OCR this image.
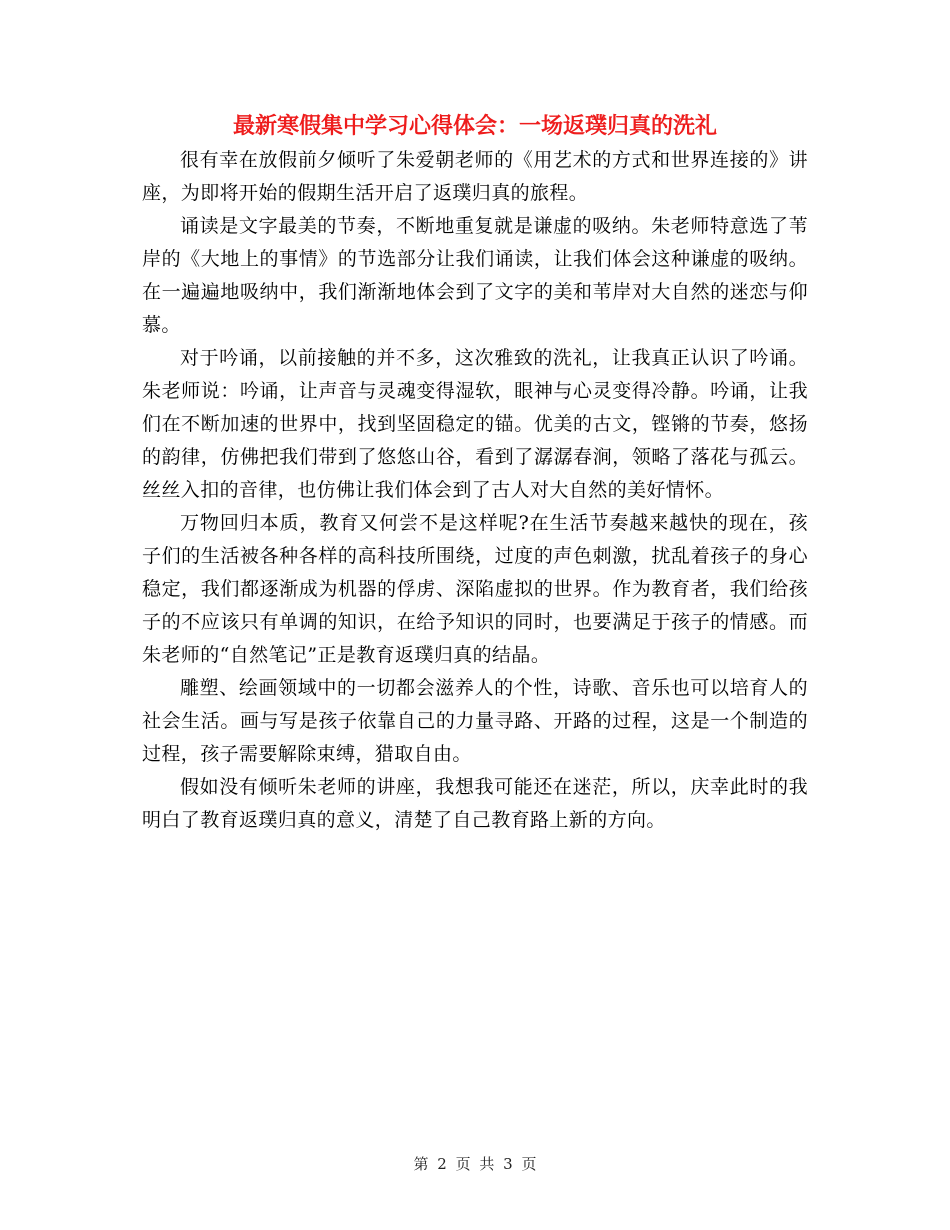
最新寒假集中学习心得体会：一场返璞归真的洗礼

很有幸在放假前夕倾听了朱爱朝老师的《用艺术的方式和世界连接的》讲座，为即将开始的假期生活开启了返璞归真的旅程。

诵读是文字最美的节奏，不断地重复就是谦虚的吸纳。朱老师特意选了苇岸的《大地上的事情》的节选部分让我们诵读，让我们体会这种谦虚的吸纳。在一遍遍地吸纳中，我们渐渐地体会到了文字的美和苇岸对大自然的迷恋与仰慕。

对于吟诵，以前接触的并不多，这次雅致的洗礼，让我真正认识了吟诵。朱老师说：吟诵，让声音与灵魂变得湿软，眼神与心灵变得冷静。吟诵，让我们在不断加速的世界中，找到坚固稳定的锚。优美的古文，铿锵的节奏，悠扬的韵律，仿佛把我们带到了悠悠山谷，看到了潺潺春涧，领略了落花与孤云。丝丝入扣的音律，也仿佛让我们体会到了古人对大自然的美好情怀。

万物回归本质，教育又何尝不是这样呢?在生活节奏越来越快的现在，孩子们的生活被各种各样的高科技所围绕，过度的声色刺激，扰乱着孩子的身心稳定，我们都逐渐成为机器的俘虏、深陷虚拟的世界。作为教育者，我们给孩子的不应该只有单调的知识，在给予知识的同时，也要满足于孩子的情感。而朱老师的“自然笔记”正是教育返璞归真的结晶。

雕塑、绘画领域中的一切都会滋养人的个性，诗歌、音乐也可以培育人的社会生活。画与写是孩子依靠自己的力量寻路、开路的过程，这是一个制造的过程，孩子需要解除束缚，猎取自由。

假如没有倾听朱老师的讲座，我想我可能还在迷茫，所以，庆幸此时的我明白了教育返璞归真的意义，清楚了自己教育路上新的方向。

第 2 页 共 3 页
